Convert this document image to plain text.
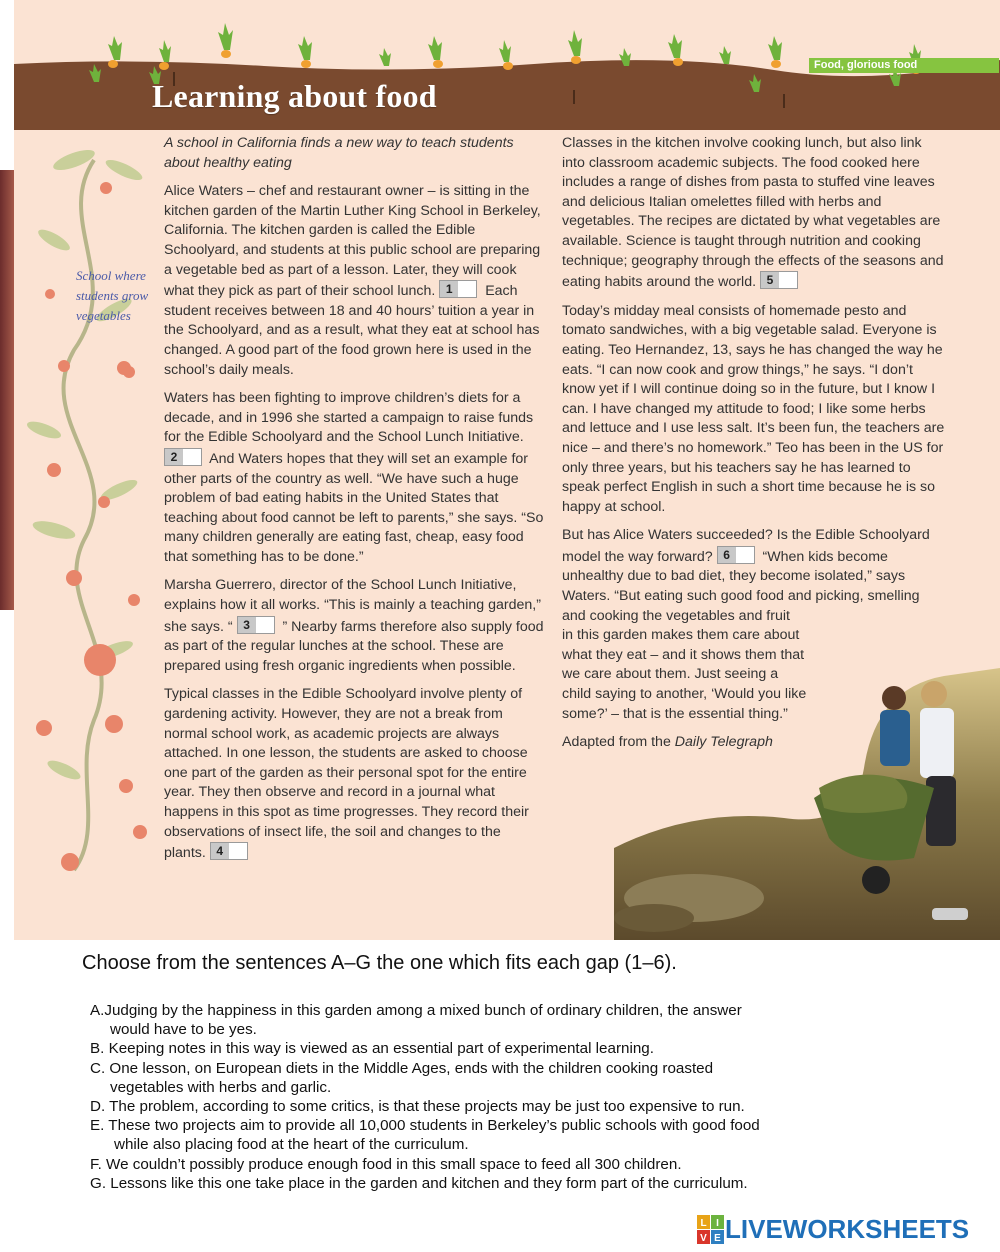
Learning about food
Food, glorious food
School where students grow vegetables

A school in California finds a new way to teach students about healthy eating

Alice Waters – chef and restaurant owner – is sitting in the kitchen garden of the Martin Luther King School in Berkeley, California. The kitchen garden is called the Edible Schoolyard, and students at this public school are preparing a vegetable bed as part of a lesson. Later, they will cook what they pick as part of their school lunch. 1	Each student receives between 18 and 40 hours’ tuition a year in the Schoolyard, and as a result, what they eat at school has changed. A good part of the food grown here is used in the school’s daily meals.

Waters has been fighting to improve children’s diets for a decade, and in 1996 she started a campaign to raise funds for the Edible Schoolyard and the School Lunch Initiative.
2	And Waters hopes that they will set an example for other parts of the country as well. “We have such a huge problem of bad eating habits in the United States that teaching about food cannot be left to parents,” she says. “So many children generally are eating fast, cheap, easy food that something has to be done.”

Marsha Guerrero, director of the School Lunch Initiative, explains how it all works. “This is mainly a teaching garden,” she says. “ 3	” Nearby farms therefore also supply food as part of the regular lunches at the school. These are prepared using fresh organic ingredients when possible.

Typical classes in the Edible Schoolyard involve plenty of gardening activity. However, they are not a break from normal school work, as academic projects are always attached. In one lesson, the students are asked to choose one part of the garden as their personal spot for the entire year. They then observe and record in a journal what happens in this spot as time progresses. They record their observations of insect life, the soil and changes to the plants. 4

Classes in the kitchen involve cooking lunch, but also link into classroom academic subjects. The food cooked here includes a range of dishes from pasta to stuffed vine leaves and delicious Italian omelettes filled with herbs and vegetables. The recipes are dictated by what vegetables are available. Science is taught through nutrition and cooking technique; geography through the effects of the seasons and eating habits around the world. 5

Today’s midday meal consists of homemade pesto and tomato sandwiches, with a big vegetable salad. Everyone is eating. Teo Hernandez, 13, says he has changed the way he eats. “I can now cook and grow things,” he says. “I don’t know yet if I will continue doing so in the future, but I know I can. I have changed my attitude to food; I like some herbs and lettuce and I use less salt. It’s been fun, the teachers are nice – and there’s no homework.” Teo has been in the US for only three years, but his teachers say he has learned to speak perfect English in such a short time because he is so happy at school.

But has Alice Waters succeeded? Is the Edible Schoolyard model the way forward? 6	“When kids become unhealthy due to bad diet, they become isolated,” says Waters. “But eating such good food and picking, smelling and cooking the vegetables and fruit
in this garden makes them care about
what they eat – and it shows them that
we care about them. Just seeing a
child saying to another, ‘Would you like
some?’ – that is the essential thing.”

Adapted from the Daily Telegraph

Choose from the sentences A–G the one which fits each gap (1–6).
A.Judging by the happiness in this garden among a mixed bunch of ordinary children, the answer
would have to be yes.
B. Keeping notes in this way is viewed as an essential part of experimental learning.
C. One lesson, on European diets in the Middle Ages, ends with the children cooking roasted
vegetables with herbs and garlic.
D. The problem, according to some critics, is that these projects may be just too expensive to run.
E. These two projects aim to provide all 10,000 students in Berkeley’s public schools with good food
while also placing food at the heart of the curriculum.
F. We couldn’t possibly produce enough food in this small space to feed all 300 children.
G. Lessons like this one take place in the garden and kitchen and they form part of the curriculum.
L I
V E LIVEWORKSHEETS
